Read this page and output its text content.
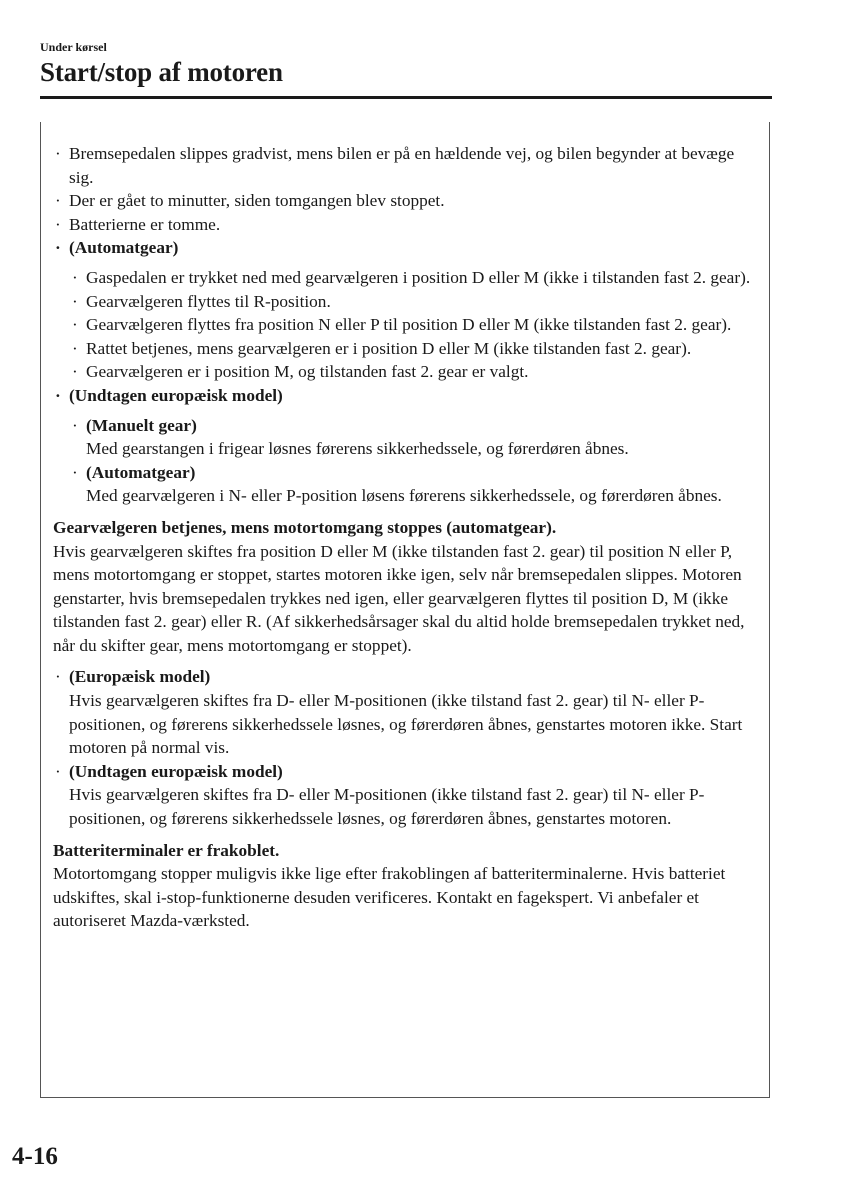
Under kørsel
Start/stop af motoren
· Bremsepedalen slippes gradvist, mens bilen er på en hældende vej, og bilen begynder at bevæge sig.
· Der er gået to minutter, siden tomgangen blev stoppet.
· Batterierne er tomme.
· (Automatgear)
· Gaspedalen er trykket ned med gearvælgeren i position D eller M (ikke i tilstanden fast 2. gear).
· Gearvælgeren flyttes til R-position.
· Gearvælgeren flyttes fra position N eller P til position D eller M (ikke tilstanden fast 2. gear).
· Rattet betjenes, mens gearvælgeren er i position D eller M (ikke tilstanden fast 2. gear).
· Gearvælgeren er i position M, og tilstanden fast 2. gear er valgt.
· (Undtagen europæisk model)
· (Manuelt gear)
Med gearstangen i frigear løsnes førerens sikkerhedssele, og førerdøren åbnes.
· (Automatgear)
Med gearvælgeren i N- eller P-position løsens førerens sikkerhedssele, og førerdøren åbnes.
Gearvælgeren betjenes, mens motortomgang stoppes (automatgear).
Hvis gearvælgeren skiftes fra position D eller M (ikke tilstanden fast 2. gear) til position N eller P, mens motortomgang er stoppet, startes motoren ikke igen, selv når bremsepedalen slippes. Motoren genstarter, hvis bremsepedalen trykkes ned igen, eller gearvælgeren flyttes til position D, M (ikke tilstanden fast 2. gear) eller R. (Af sikkerhedsårsager skal du altid holde bremsepedalen trykket ned, når du skifter gear, mens motortomgang er stoppet).
· (Europæisk model)
Hvis gearvælgeren skiftes fra D- eller M-positionen (ikke tilstand fast 2. gear) til N- eller P-positionen, og førerens sikkerhedssele løsnes, og førerdøren åbnes, genstartes motoren ikke. Start motoren på normal vis.
· (Undtagen europæisk model)
Hvis gearvælgeren skiftes fra D- eller M-positionen (ikke tilstand fast 2. gear) til N- eller P-positionen, og førerens sikkerhedssele løsnes, og førerdøren åbnes, genstartes motoren.
Batteriterminaler er frakoblet.
Motortomgang stopper muligvis ikke lige efter frakoblingen af batteriterminalerne. Hvis batteriet udskiftes, skal i-stop-funktionerne desuden verificeres. Kontakt en fagekspert. Vi anbefaler et autoriseret Mazda-værksted.
4-16
